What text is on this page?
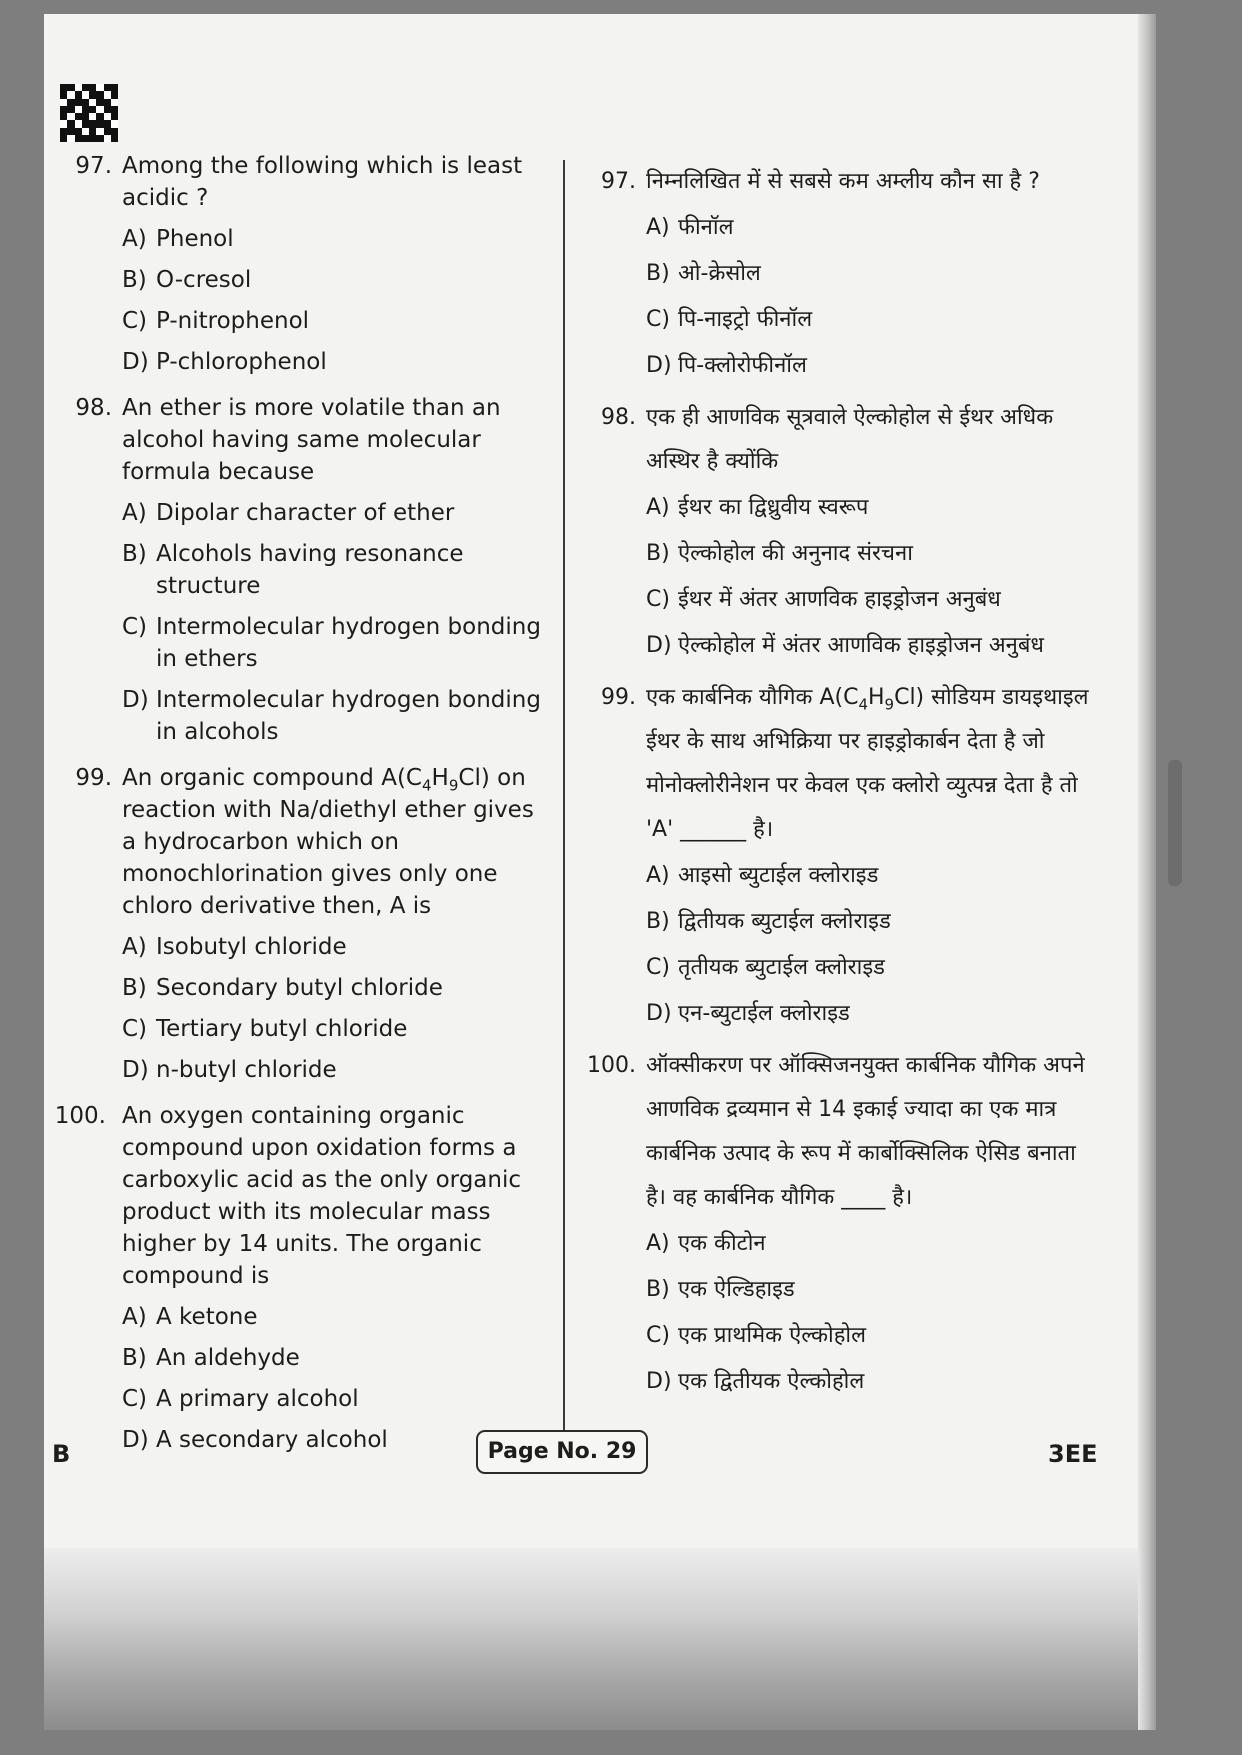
97. Among the following which is least acidic ?
A) Phenol
B) O-cresol
C) P-nitrophenol
D) P-chlorophenol
98. An ether is more volatile than an alcohol having same molecular formula because
A) Dipolar character of ether
B) Alcohols having resonance structure
C) Intermolecular hydrogen bonding in ethers
D) Intermolecular hydrogen bonding in alcohols
99. An organic compound $A(C_4H_9Cl)$ on reaction with Na/diethyl ether gives a hydrocarbon which on monochlorination gives only one chloro derivative then, A is
A) Isobutyl chloride
B) Secondary butyl chloride
C) Tertiary butyl chloride
D) n-butyl chloride
100. An oxygen containing organic compound upon oxidation forms a carboxylic acid as the only organic product with its molecular mass higher by 14 units. The organic compound is
A) A ketone
B) An aldehyde
C) A primary alcohol
D) A secondary alcohol
97. निम्नलिखित में से सबसे कम अम्लीय कौन सा है ?
A) फीनॉल
B) ओ-क्रेसोल
C) पि-नाइट्रो फीनॉल
D) पि-क्लोरोफीनॉल
98. एक ही आणविक सूत्रवाले ऐल्कोहोल से ईथर अधिक अस्थिर है क्योंकि
A) ईथर का द्विध्रुवीय स्वरूप
B) ऐल्कोहोल की अनुनाद संरचना
C) ईथर में अंतर आणविक हाइड्रोजन अनुबंध
D) ऐल्कोहोल में अंतर आणविक हाइड्रोजन अनुबंध
99. एक कार्बनिक यौगिक $A(C_4H_9Cl)$ सोडियम डायइथाइल ईथर के साथ अभिक्रिया पर हाइड्रोकार्बन देता है जो मोनोक्लोरीनेशन पर केवल एक क्लोरो व्युत्पन्न देता है तो 'A' ______ है।
A) आइसो ब्युटाईल क्लोराइड
B) द्वितीयक ब्युटाईल क्लोराइड
C) तृतीयक ब्युटाईल क्लोराइड
D) एन-ब्युटाईल क्लोराइड
100. ऑक्सीकरण पर ऑक्सिजनयुक्त कार्बनिक यौगिक अपने आणविक द्रव्यमान से 14 इकाई ज्यादा का एक मात्र कार्बनिक उत्पाद के रूप में कार्बोक्सिलिक ऐसिड बनाता है। वह कार्बनिक यौगिक ____ है।
A) एक कीटोन
B) एक ऐल्डिहाइड
C) एक प्राथमिक ऐल्कोहोल
D) एक द्वितीयक ऐल्कोहोल
B	Page No. 29	3EE
